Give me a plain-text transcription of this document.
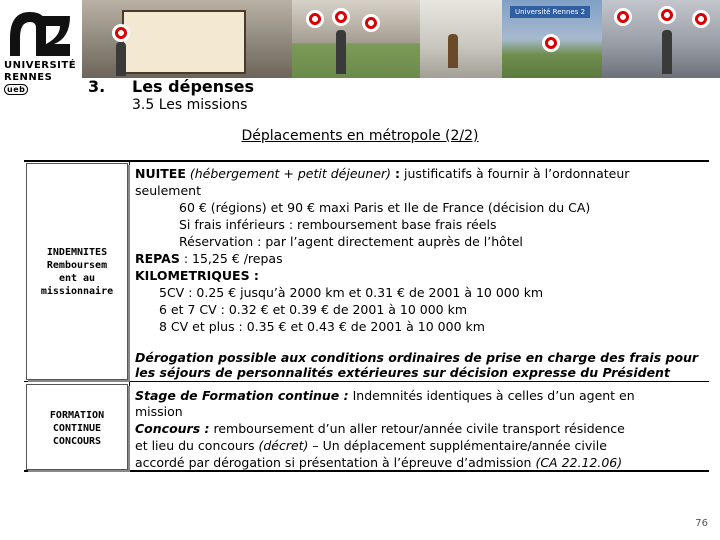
UNIVERSITÉ
RENNES ueb
Université Rennes 2
3. Les dépenses
3.5 Les missions
Déplacements en métropole (2/2)
INDEMNITES
Remboursem
ent au
missionnaire
FORMATION
CONTINUE
CONCOURS
NUITEE (hébergement + petit déjeuner) : justificatifs à fournir à l’ordonnateur
seulement
60 € (régions) et 90 € maxi Paris et Ile de France (décision du CA)
Si frais inférieurs : remboursement base frais réels
Réservation : par l’agent directement auprès de l’hôtel
REPAS : 15,25 € /repas
KILOMETRIQUES :
5CV : 0.25 € jusqu’à 2000 km et 0.31 € de 2001 à 10 000 km
6 et 7 CV : 0.32 € et 0.39 € de 2001 à 10 000 km
8 CV et plus : 0.35 € et 0.43 € de 2001 à 10 000 km
Dérogation possible aux conditions ordinaires de prise en charge des frais pour les séjours de personnalités extérieures sur décision expresse du Président
Stage de Formation continue : Indemnités identiques à celles d’un agent en
mission
Concours : remboursement d’un aller retour/année civile transport résidence
et lieu du concours (décret) – Un déplacement supplémentaire/année civile
accordé par dérogation si présentation à l’épreuve d’admission (CA 22.12.06)
76
